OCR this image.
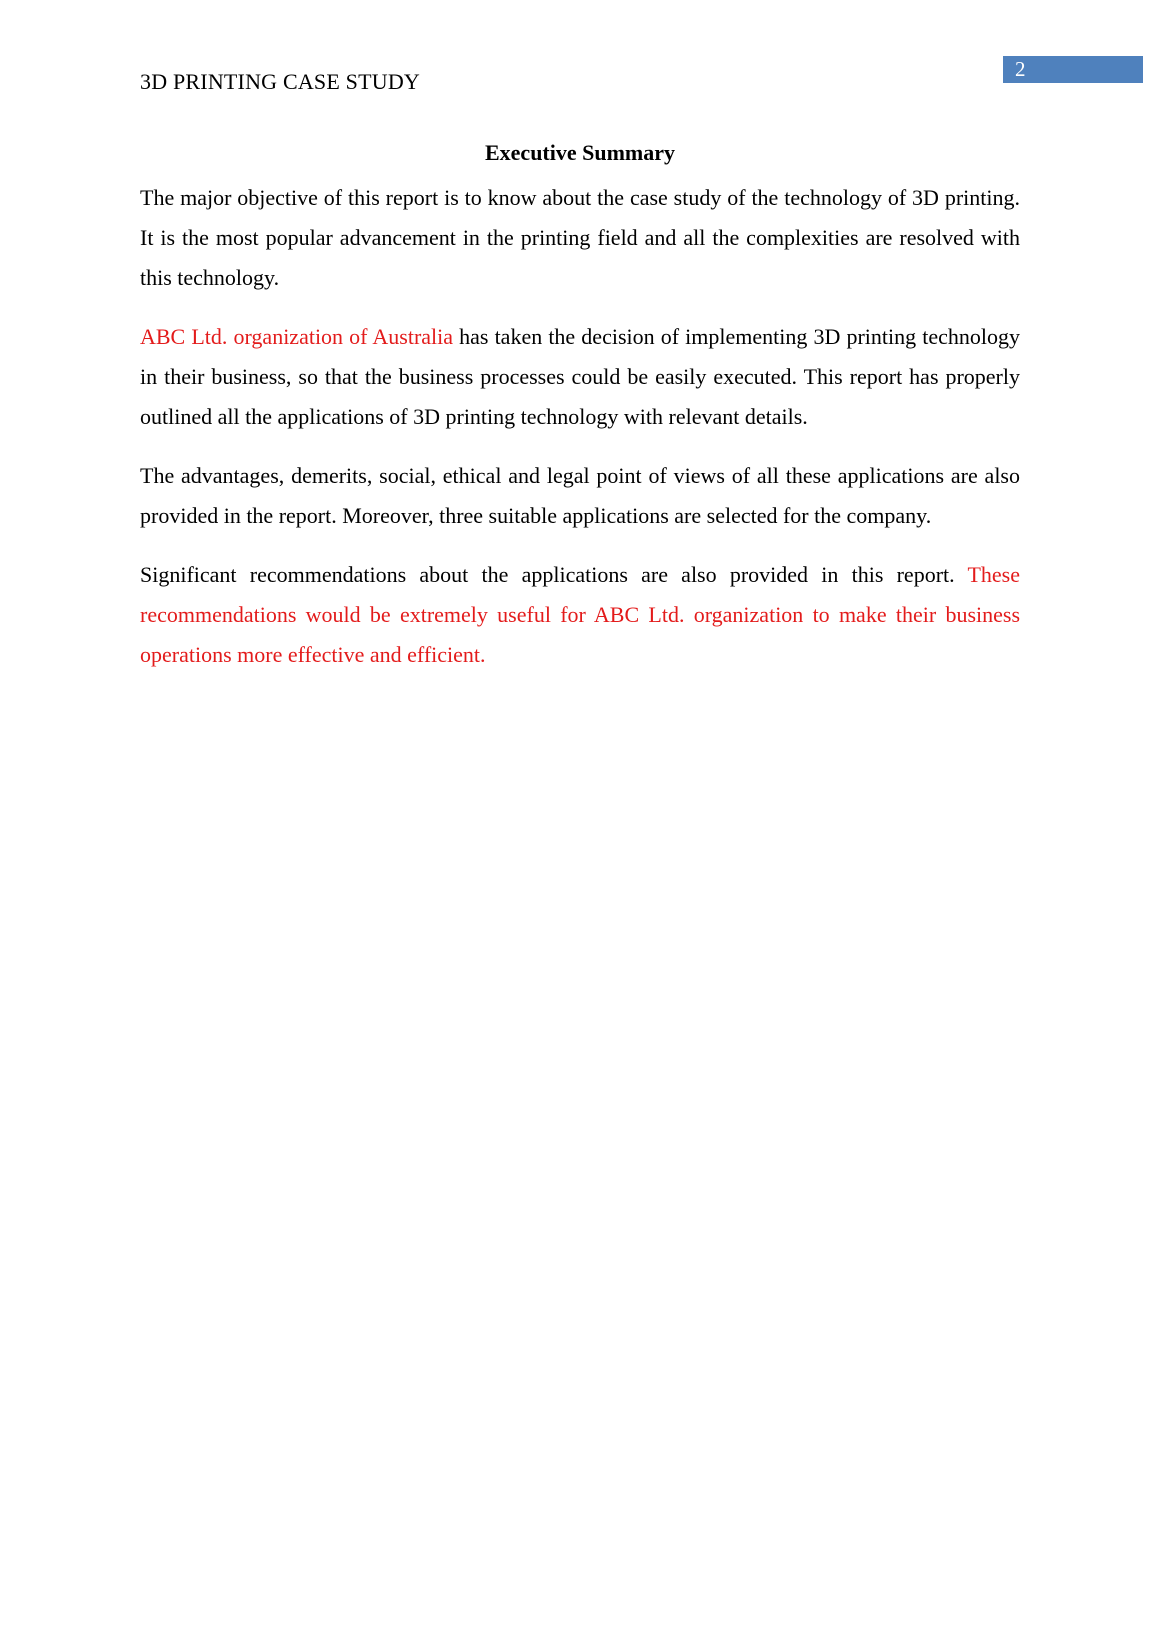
3D PRINTING CASE STUDY	2
Executive Summary

The major objective of this report is to know about the case study of the technology of 3D printing. It is the most popular advancement in the printing field and all the complexities are resolved with this technology.

ABC Ltd. organization of Australia has taken the decision of implementing 3D printing technology in their business, so that the business processes could be easily executed. This report has properly outlined all the applications of 3D printing technology with relevant details.

The advantages, demerits, social, ethical and legal point of views of all these applications are also provided in the report. Moreover, three suitable applications are selected for the company.

Significant recommendations about the applications are also provided in this report. These recommendations would be extremely useful for ABC Ltd. organization to make their business operations more effective and efficient.
